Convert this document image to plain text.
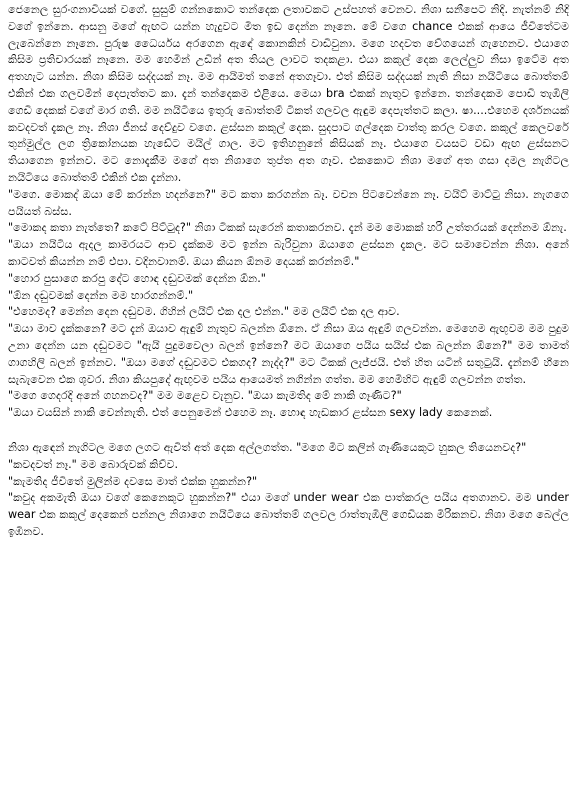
ජෙනෙල සුරංගනාවියක් වගේ. සුසුම් ගන්නකොට තන්දෙක ලතාවකට උස්පහත් වෙනව. නිශා සනීපෙට නිදි. නැත්නම් නිදි වගේ ඉන්නෙ. ආසනු මගේ ඇඟට යන්න හැදුවට මිත ඉඩ දෙන්න නෑනෙ. මේ වගෙ chance එකක් ආයෙ ජීවිතේටම ලැබෙන්නෙ නෑනෙ. පුරුෂ ධෛර්යය අරගෙන ඇඳේ කොනකින් වාඩිවුනා. මගෙ හදවත වේගයෙන් ගැහෙනව. එයාගෙ කිසිම ප්‍රතිචාරයක් නෑනෙ. මම හෙමින් උඩින් අත තියල ලාවට තදකළා. එයා කකුල් දෙක ලෙල්ලුව නිසා ඉටේම අත අතහැට යන්න. නිශා කිසිම සද්දයක් නෑ. මම ආයිමත් තනේ අතගෑවා. එත් කිසිම සද්දයක් නැති නිසා නයිටියෙ බොත්තම් එකින් එක ගලවමින් දෙපැත්තට කා. දැන් තන්දෙකම එළියෙ. මෙයා bra එකක් නැතුව ඉන්නෙ. තන්දෙකම පොඩි තැඹිලි ගෙඩි දෙකක් වගේ මාර ගති. මම නයිටියෙ ඉතුරු බොත්තම් ටිකත් ගලවල ඇඳුම දෙපැත්තට කලා. ෂා....එහෙම දර්ශනයක් කවදවත් දැකල නෑ. නිශා ජීනස් දෙව්දුව වගෙ. ළස්සන කකුල් දෙක. සුදපාට ගල්දෙක වාත්තු කරල වගෙ. කකුල් කෙලවරේ තුන්මුල්ල ලග ත්‍රිකෝනයක හැඩේට මයිල් ගාල. මට ඉතිහනුනේ කිසියක් නෑ. එයාගෙ වයසට වඩා ඇඟ ළස්සනට තියාගෙන ඉන්නව. මට නොදැකීම මගේ අත නිශාගෙ තුප්ත අත ගෑව. එකකොට නිශා මගේ අත ගසා දමල නැගිටල නයිටියෙ බොත්තම් එකින් එක දැන්නා.

"මගෙ. මොකද් ඔයා මේ කරන්න හදන්නෙ?" මට කතා කරගන්න බෑ. වචන පිටවෙන්නෙ නෑ. වයිට් මාට්ටු නිසා. නැගගෙ පයියත් බස්ස.

"මොකද කතා නැත්තෙ? කටේ පිට්ටුද?" නිශා ටිකක් සැරෙන් කතාකරනව. දැන් මම මොකක් හරි උත්තරයක් දෙන්නම ඕනැ.

"ඔයා නයිටිය ඇදල කාමරයට ආව දැක්කම මට ඉන්න බැරිවුනා ඔයාගෙ ළස්සන දැකල. මට සමාවෙන්න නිශා. අනේ කාටවත් කියන්න නම් එපා. වදිනවානම්. ඔයා කියන ඕනම දෙයක් කරන්නම්."

"හොර පුසාගෙ කරපු දේට හොඳ දඬුවමක් දෙන්න ඕන."

"ඕන දඬුවමක් දෙන්න මම භාරගන්නම්."

"එහෙමද? මෙන්න දෙන දඬුවම. ගිහින් ලයිට් එක දල එන්න." මම ලයිට් එක දල ආව.

"ඔයා මාව දැක්කනෙ? මට දැන් ඔයාව ඇඳුම් නැතුව බලන්න ඕනෙ. ඒ නිසා ඔය ඇඳුම් ගලවන්න. මෙහෙම ඇඟුවම මම පුදුම උනා දෙන්න යන දඬුවමට "ඇයි පුදුමවෙලා බලන් ඉන්නෙ? මට ඔයාගෙ පයිය සයිස් එක බලන්න ඕනෙ?" මම තාමත් ගාගහිලි බලන් ඉන්නව. "ඔයා මගේ දඬුවමට එකගද? නැද්ද?" මට ටිකක් ලැජ්ජයි. එත් හිත යටින් සතුටුයි. දැන්නම් හීනෙ සැබැවෙන එක ශුවර. නිශා කියපුදේ ඇඟුවම පයිය ආයෙමත් නගින්න ගත්ත. මම හෙමිහිට ඇඳුම් ගලවන්න ගත්ත.

"මගෙ ගෙදරදි අනේ ගහනවද?" මම මළෙව වැනුව. "ඔයා කැමතිද මේ නාකි ගෑණිට?"

"ඔයා වයසින් නාකි වෙන්නැති. එත් පෙනුමෙන් එහෙම නෑ. හොඳ හැඩකාර ළස්සන sexy lady කෙනෙක්.

නිශා ඇඳෙන් නැගිටල මගෙ ලගට ඇවිත් අත් දෙක අල්ලගත්ත. "මගෙ මීට කලින් ගෑණියෙකුට හුකල තියෙනවද?"

"කවදවත් නෑ." මම බොරුවක් කිව්ව.

"කැමතිද ජීවිතේ මුලින්ම දවසෙ මාත් එක්ක හුකන්න?"

"කවුද අකමැති ඔයා වගේ කෙනෙකුට හුකන්න?" එයා මගේ under wear එක පාත්කරල පයිය අතගානව. මම under wear එක කකුල් දෙකෙන් පන්නල නිශාගෙ නයිටියෙ බොත්තම් ගලවල රාත්තැඹිලි ගෙඩියක මිරිකනව. නිශා මගෙ බෙල්ල ඉඹිනව.
